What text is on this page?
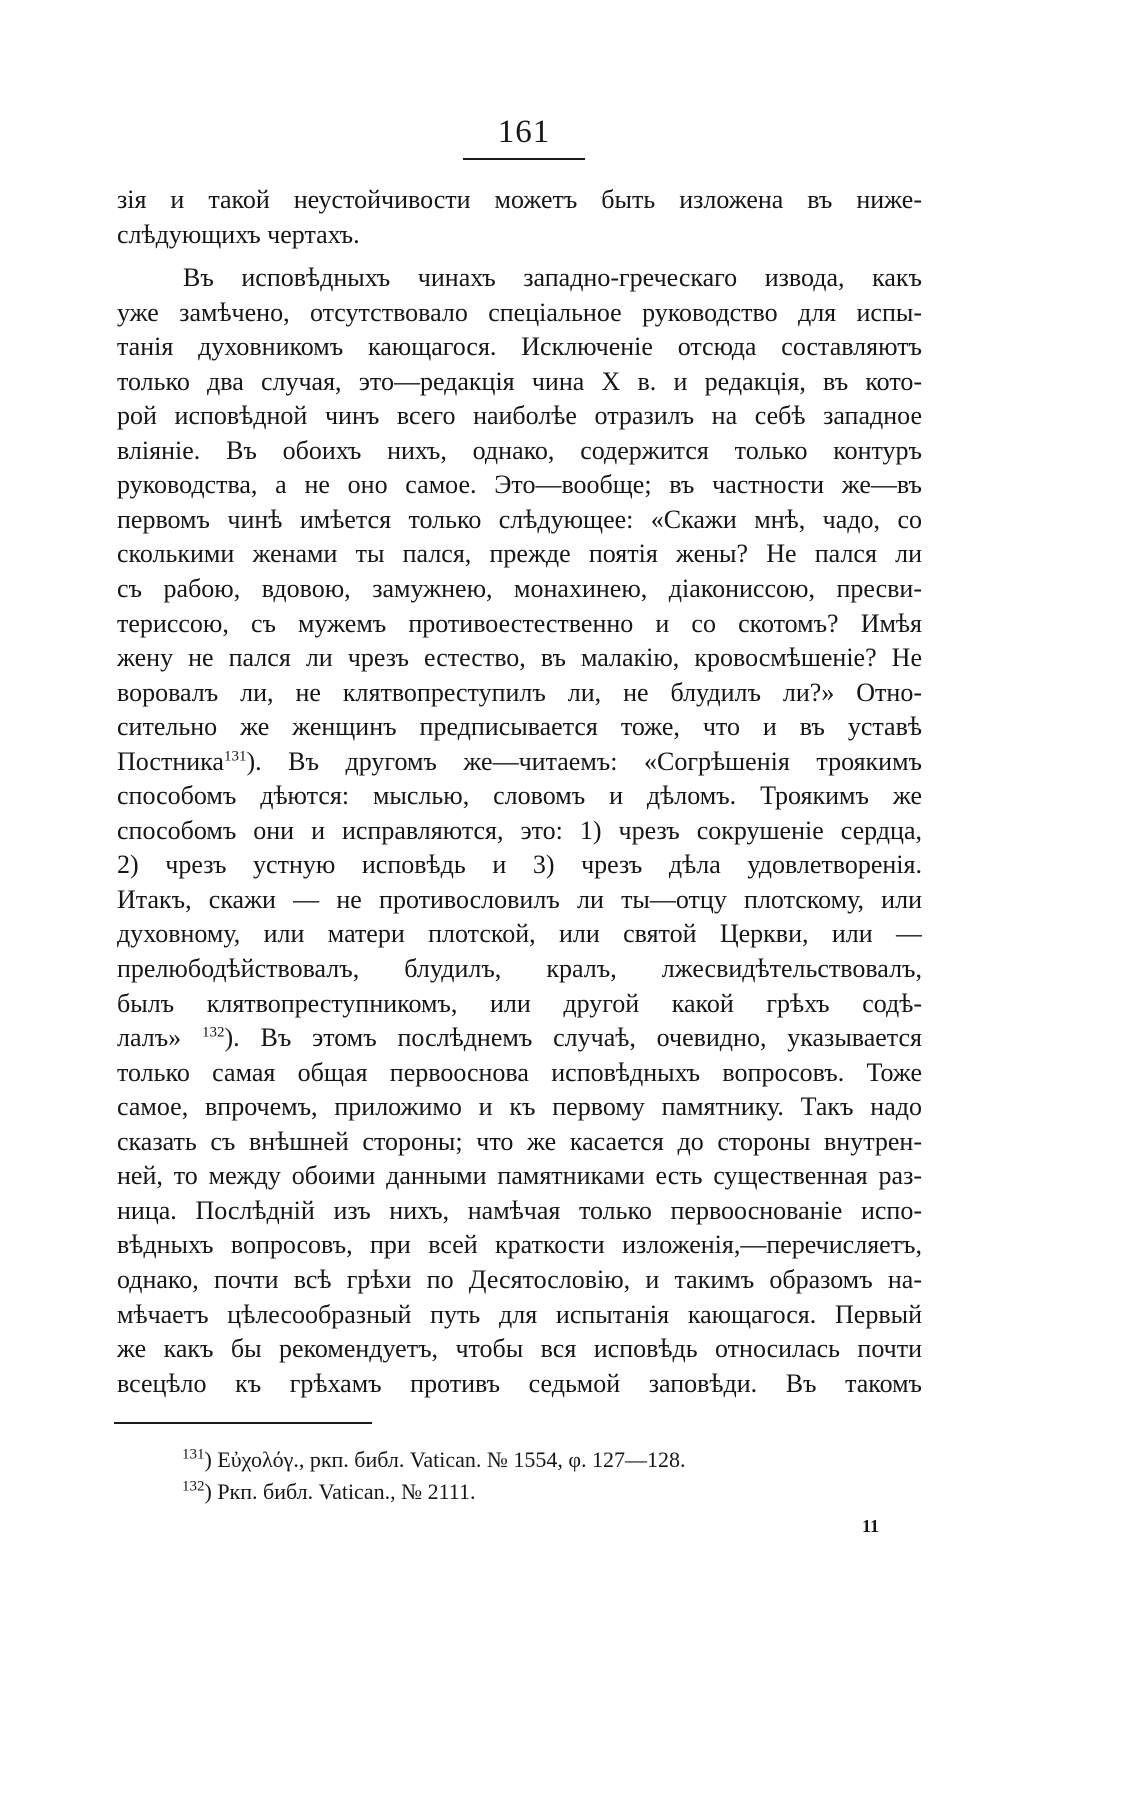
161
зія и такой неустойчивости можетъ быть изложена въ ниже-
слѣдующихъ чертахъ.
Въ исповѣдныхъ чинахъ западно-греческаго извода, какъ
уже замѣчено, отсутствовало спеціальное руководство для испы-
танія духовникомъ кающагося. Исключеніе отсюда составляютъ
только два случая, это—редакція чина X в. и редакція, въ кото-
рой исповѣдной чинъ всего наиболѣе отразилъ на себѣ западное
вліяніе. Въ обоихъ нихъ, однако, содержится только контуръ
руководства, а не оно самое. Это—вообще; въ частности же—въ
первомъ чинѣ имѣется только слѣдующее: «Скажи мнѣ, чадо, со
сколькими женами ты пался, прежде поятія жены? Не пался ли
съ рабою, вдовою, замужнею, монахинею, діакониссою, пресви-
териссою, съ мужемъ противоестественно и со скотомъ? Имѣя
жену не пался ли чрезъ естество, въ малакію, кровосмѣшеніе? Не
воровалъ ли, не клятвопреступилъ ли, не блудилъ ли?» Отно-
сительно же женщинъ предписывается тоже, что и въ уставѣ
Постника$^{131}$). Въ другомъ же—читаемъ: «Согрѣшенія троякимъ
способомъ дѣются: мыслью, словомъ и дѣломъ. Троякимъ же
способомъ они и исправляются, это: 1) чрезъ сокрушеніе сердца,
2) чрезъ устную исповѣдь и 3) чрезъ дѣла удовлетворенія.
Итакъ, скажи — не противословилъ ли ты—отцу плотскому, или
духовному, или матери плотской, или святой Церкви, или —
прелюбодѣйствовалъ, блудилъ, кралъ, лжесвидѣтельствовалъ,
былъ клятвопреступникомъ, или другой какой грѣхъ содѣ-
лалъ» $^{132}$). Въ этомъ послѣднемъ случаѣ, очевидно, указывается
только самая общая первооснова исповѣдныхъ вопросовъ. Тоже
самое, впрочемъ, приложимо и къ первому памятнику. Такъ надо
сказать съ внѣшней стороны; что же касается до стороны внутрен-
ней, то между обоими данными памятниками есть существенная раз-
ница. Послѣдній изъ нихъ, намѣчая только первооснованіе испо-
вѣдныхъ вопросовъ, при всей краткости изложенія,—перечисляетъ,
однако, почти всѣ грѣхи по Десятословію, и такимъ образомъ на-
мѣчаетъ цѣлесообразный путь для испытанія кающагося. Первый
же какъ бы рекомендуетъ, чтобы вся исповѣдь относилась почти
всецѣло къ грѣхамъ противъ седьмой заповѣди. Въ такомъ
$^{131}$) Εὐχολόγ., ркп. библ. Vatican. № 1554, φ. 127—128.
$^{132}$) Ркп. библ. Vatican., № 2111.
11
